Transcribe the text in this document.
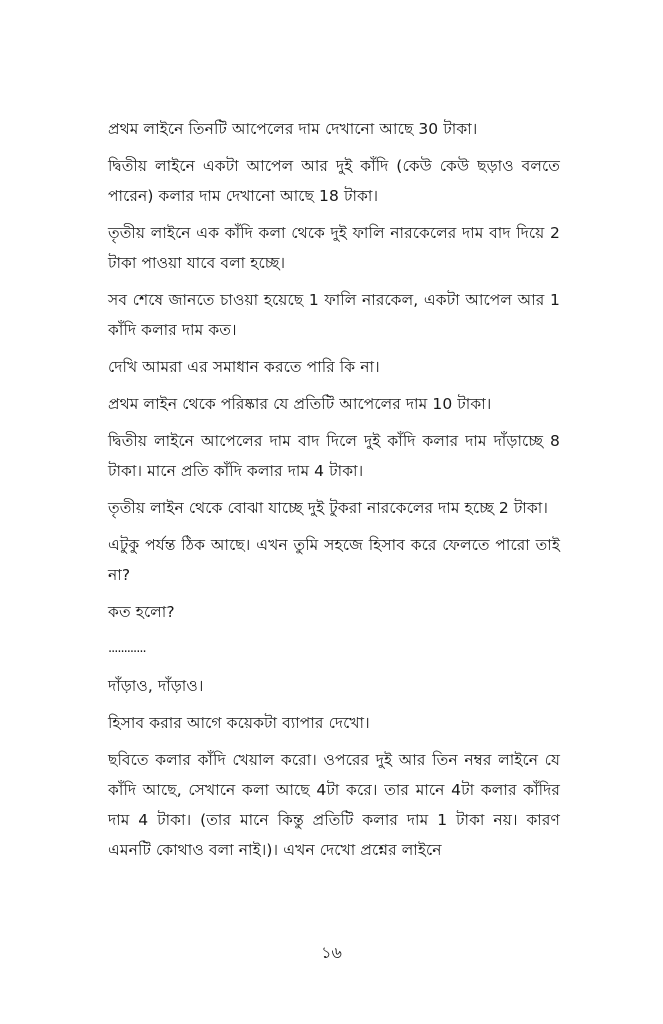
প্রথম লাইনে তিনটি আপেলের দাম দেখানো আছে 30 টাকা।

দ্বিতীয় লাইনে একটা আপেল আর দুই কাঁদি (কেউ কেউ ছড়াও বলতে পারেন) কলার দাম দেখানো আছে 18 টাকা।

তৃতীয় লাইনে এক কাঁদি কলা থেকে দুই ফালি নারকেলের দাম বাদ দিয়ে 2 টাকা পাওয়া যাবে বলা হচ্ছে।

সব শেষে জানতে চাওয়া হয়েছে 1 ফালি নারকেল, একটা আপেল আর 1 কাঁদি কলার দাম কত।

দেখি আমরা এর সমাধান করতে পারি কি না।

প্রথম লাইন থেকে পরিষ্কার যে প্রতিটি আপেলের দাম 10 টাকা।

দ্বিতীয় লাইনে আপেলের দাম বাদ দিলে দুই কাঁদি কলার দাম দাঁড়াচ্ছে 8 টাকা। মানে প্রতি কাঁদি কলার দাম 4 টাকা।

তৃতীয় লাইন থেকে বোঝা যাচ্ছে দুই টুকরা নারকেলের দাম হচ্ছে 2 টাকা।

এটুকু পর্যন্ত ঠিক আছে। এখন তুমি সহজে হিসাব করে ফেলতে পারো তাই না?

কত হলো?

............

দাঁড়াও, দাঁড়াও।

হিসাব করার আগে কয়েকটা ব্যাপার দেখো।

ছবিতে কলার কাঁদি খেয়াল করো। ওপরের দুই আর তিন নম্বর লাইনে যে কাঁদি আছে, সেখানে কলা আছে 4টা করে। তার মানে 4টা কলার কাঁদির দাম 4 টাকা। (তার মানে কিন্তু প্রতিটি কলার দাম 1 টাকা নয়। কারণ এমনটি কোথাও বলা নাই।)। এখন দেখো প্রশ্নের লাইনে

১৬
